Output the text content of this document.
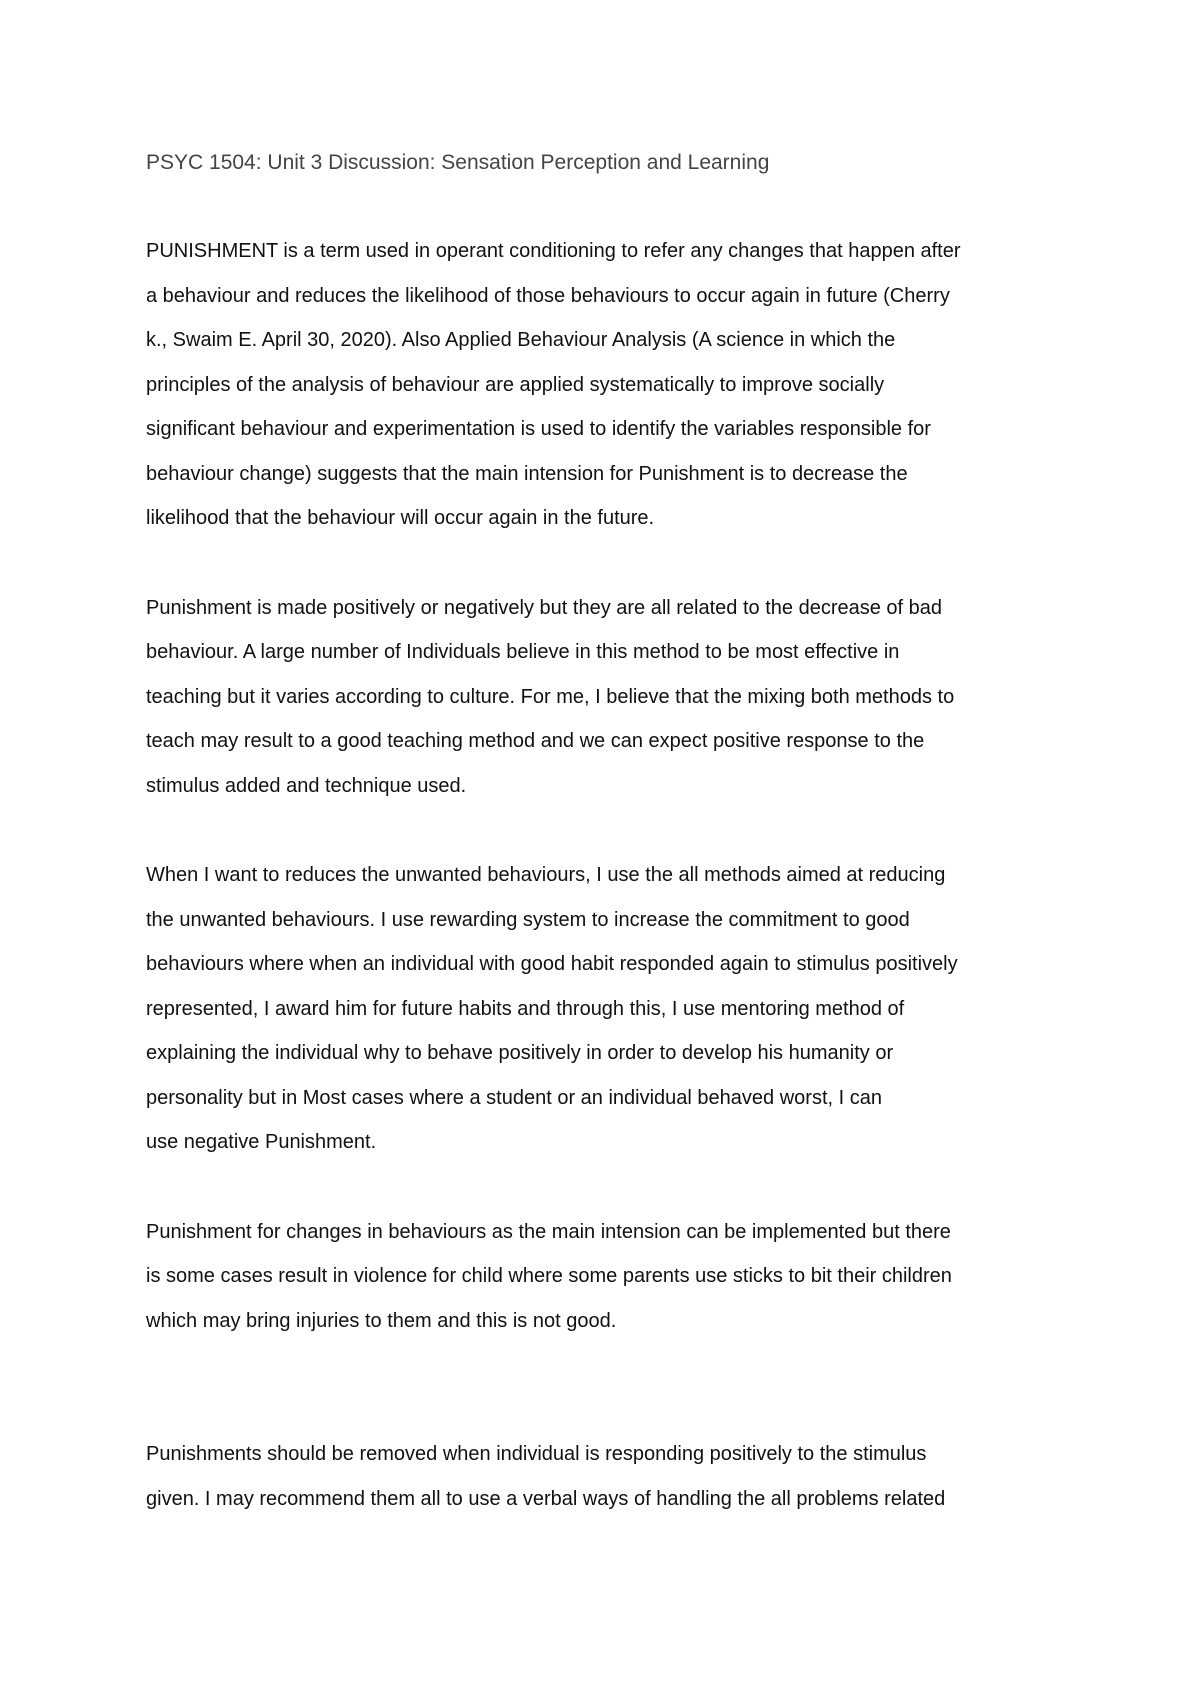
PSYC 1504: Unit 3 Discussion: Sensation Perception and Learning

PUNISHMENT is a term used in operant conditioning to refer any changes that happen after
a behaviour and reduces the likelihood of those behaviours to occur again in future (Cherry
k., Swaim E. April 30, 2020). Also Applied Behaviour Analysis (A science in which the
principles of the analysis of behaviour are applied systematically to improve socially
significant behaviour and experimentation is used to identify the variables responsible for
behaviour change) suggests that the main intension for Punishment is to decrease the
likelihood that the behaviour will occur again in the future.

Punishment is made positively or negatively but they are all related to the decrease of bad
behaviour. A large number of Individuals believe in this method to be most effective in
teaching but it varies according to culture. For me, I believe that the mixing both methods to
teach may result to a good teaching method and we can expect positive response to the
stimulus added and technique used.

When I want to reduces the unwanted behaviours, I use the all methods aimed at reducing
the unwanted behaviours. I use rewarding system to increase the commitment to good
behaviours where when an individual with good habit responded again to stimulus positively
represented, I award him for future habits and through this, I use mentoring method of
explaining the individual why to behave positively in order to develop his humanity or
personality but in Most cases where a student or an individual behaved worst, I can
use negative Punishment.

Punishment for changes in behaviours as the main intension can be implemented but there
is some cases result in violence for child where some parents use sticks to bit their children
which may bring injuries to them and this is not good.

Punishments should be removed when individual is responding positively to the stimulus
given. I may recommend them all to use a verbal ways of handling the all problems related
